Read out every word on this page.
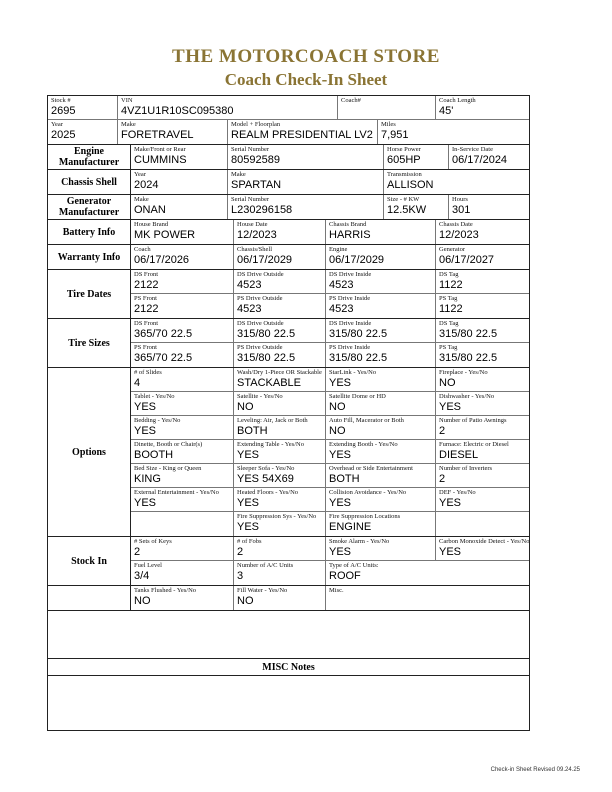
THE MOTORCOACH STORE
Coach Check-In Sheet
Stock #
2695
VIN
4VZ1U1R10SC095380
Coach#	Coach Length
45'
Year
2025
Make
FORETRAVEL
Model + Floorplan
REALM PRESIDENTIAL LV2
Miles
7,951
Engine Manufacturer
Make/Front or Rear
CUMMINS
Serial Number
80592589
Horse Power
605HP
In-Service Date
06/17/2024
Chassis Shell
Year
2024
Make
SPARTAN
Transmission
ALLISON
Generator Manufacturer
Make
ONAN
Serial Number
L230296158
Size - # KW
12.5KW
Hours
301
Battery Info
House Brand
MK POWER
House Date
12/2023
Chassis Brand
HARRIS
Chassis Date
12/2023
Warranty Info
Coach
06/17/2026
Chassis/Shell
06/17/2029
Engine
06/17/2029
Generator
06/17/2027
Tire Dates
DS Front
2122
DS Drive Outside
4523
DS Drive Inside
4523
DS Tag
1122
PS Front
2122
PS Drive Outside
4523
PS Drive Inside
4523
PS Tag
1122
Tire Sizes
DS Front
365/70 22.5
DS Drive Outside
315/80 22.5
DS Drive Inside
315/80 22.5
DS Tag
315/80 22.5
PS Front
365/70 22.5
PS Drive Outside
315/80 22.5
PS Drive Inside
315/80 22.5
PS Tag
315/80 22.5
Options
# of Slides
4
Wash/Dry 1-Piece OR Stackable
STACKABLE
StarLink - Yes/No
YES
Fireplace - Yes/No
NO
Tablet - Yes/No
YES
Satellite - Yes/No
NO
Satellite Dome or HD
NO
Dishwasher - Yes/No
YES
Bedding - Yes/No
YES
Leveling: Air, Jack or Both
BOTH
Auto Fill, Macerator or Both
NO
Number of Patio Awnings
2
Dinette, Booth or Chair(s)
BOOTH
Extending Table - Yes/No
YES
Extending Booth - Yes/No
YES
Furnace: Electric or Diesel
DIESEL
Bed Size - King or Queen
KING
Sleeper Sofa - Yes/No
YES 54X69
Overhead or Side Entertainment
BOTH
Number of Inverters
2
External Entertainment - Yes/No
YES
Heated Floors - Yes/No
YES
Collision Avoidance - Yes/No
YES
DEF - Yes/No
YES
Fire Suppression Sys - Yes/No
YES
Fire Suppression Locations
ENGINE
Stock In
# Sets of Keys
2
# of Fobs
2
Smoke Alarm - Yes/No
YES
Carbon Monoxide Detect - Yes/No
YES
Fuel Level
3/4
Number of A/C Units
3
Type of A/C Units:
ROOF
Tanks Flushed - Yes/No
NO
Fill Water - Yes/No
NO
Misc.
MISC Notes
Check-in Sheet Revised 09.24.25
